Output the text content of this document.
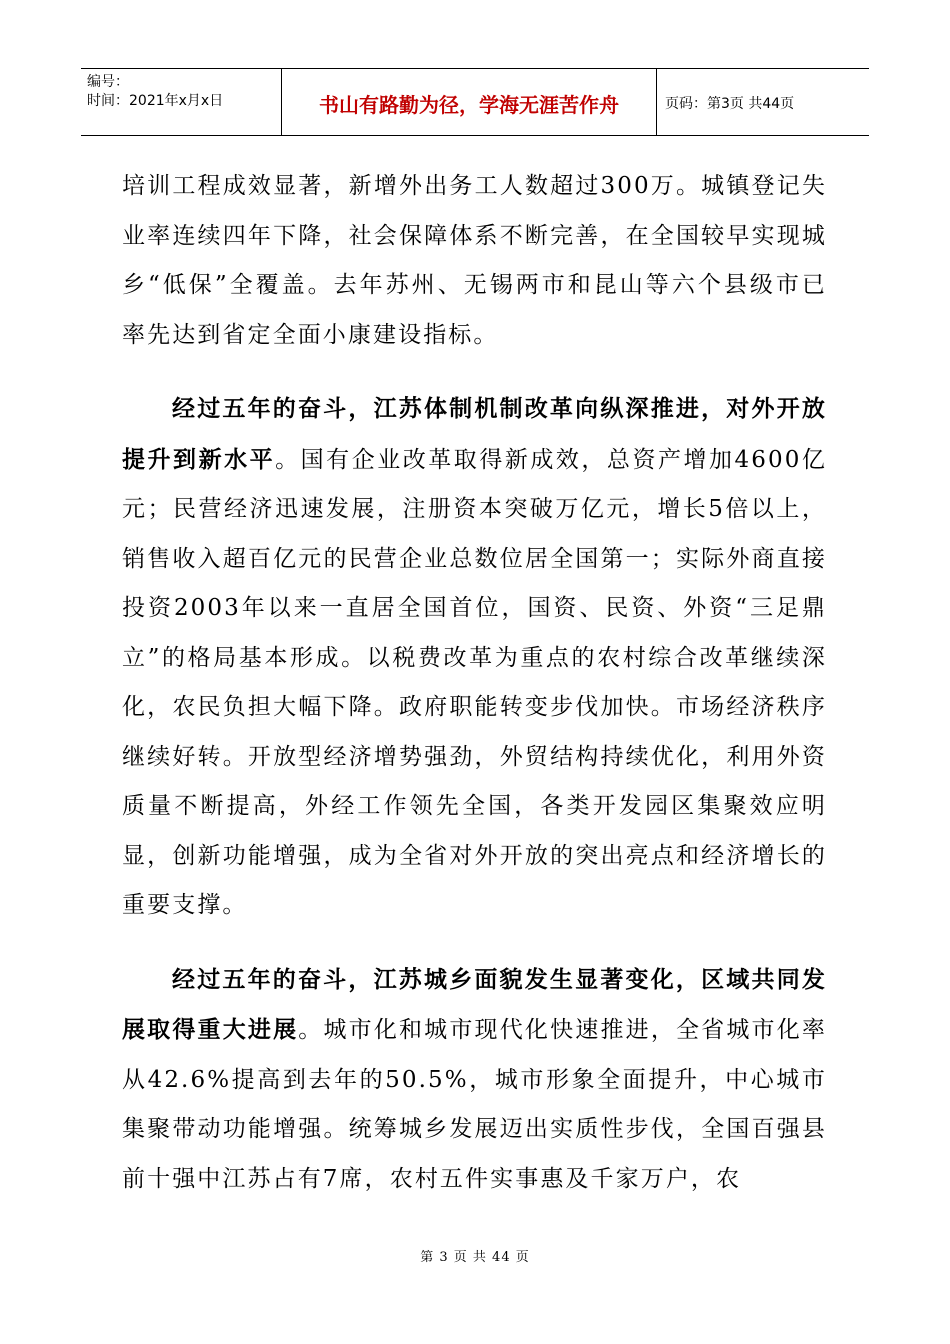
编号：
时间：2021年x月x日	书山有路勤为径，学海无涯苦作舟	页码：第3页 共44页

培训工程成效显著，新增外出务工人数超过300万。城镇登记失业率连续四年下降，社会保障体系不断完善，在全国较早实现城乡“低保”全覆盖。去年苏州、无锡两市和昆山等六个县级市已率先达到省定全面小康建设指标。

经过五年的奋斗，江苏体制机制改革向纵深推进，对外开放提升到新水平。国有企业改革取得新成效，总资产增加4600亿元；民营经济迅速发展，注册资本突破万亿元，增长5倍以上，销售收入超百亿元的民营企业总数位居全国第一；实际外商直接投资2003年以来一直居全国首位，国资、民资、外资“三足鼎立”的格局基本形成。以税费改革为重点的农村综合改革继续深化，农民负担大幅下降。政府职能转变步伐加快。市场经济秩序继续好转。开放型经济增势强劲，外贸结构持续优化，利用外资质量不断提高，外经工作领先全国，各类开发园区集聚效应明显，创新功能增强，成为全省对外开放的突出亮点和经济增长的重要支撑。

经过五年的奋斗，江苏城乡面貌发生显著变化，区域共同发展取得重大进展。城市化和城市现代化快速推进，全省城市化率从42.6%提高到去年的50.5%，城市形象全面提升，中心城市集聚带动功能增强。统筹城乡发展迈出实质性步伐，全国百强县前十强中江苏占有7席，农村五件实事惠及千家万户，农

第 3 页 共 44 页
